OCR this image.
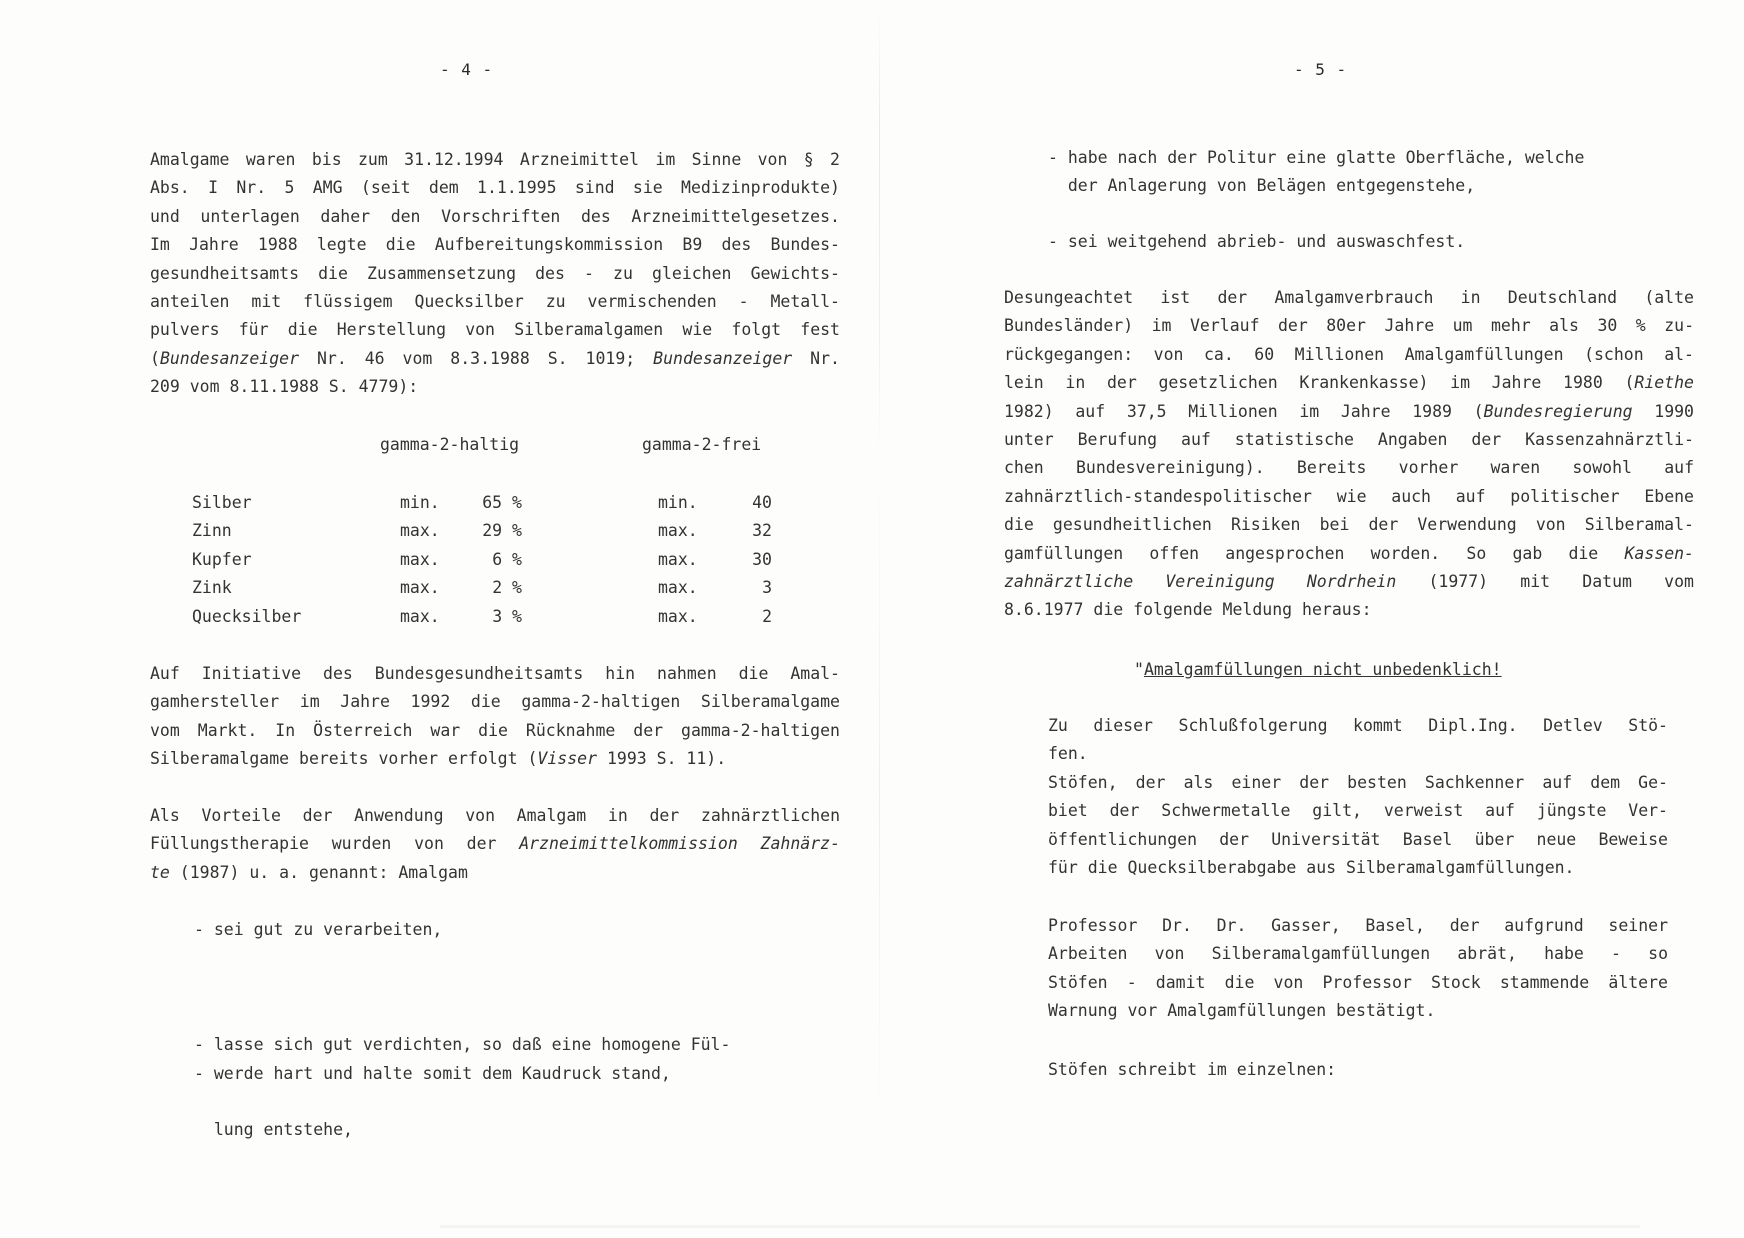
- 4 -
Amalgame waren bis zum 31.12.1994 Arzneimittel im Sinne von § 2
Abs. I Nr. 5 AMG (seit dem 1.1.1995 sind sie Medizinprodukte)
und unterlagen daher den Vorschriften des Arzneimittelgesetzes.
Im Jahre 1988 legte die Aufbereitungskommission B9 des Bundes-
gesundheitsamts die Zusammensetzung des - zu gleichen Gewichts-
anteilen mit flüssigem Quecksilber zu vermischenden - Metall-
pulvers für die Herstellung von Silberamalgamen wie folgt fest
(Bundesanzeiger Nr. 46 vom 8.3.1988 S. 1019; Bundesanzeiger Nr.
209 vom 8.11.1988 S. 4779):
gamma-2-haltig	gamma-2-frei
Silber	min.	65 %	min.	40
Zinn	max.	29 %	max.	32
Kupfer	max.	6 %	max.	30
Zink	max.	2 %	max.	3
Quecksilber	max.	3 %	max.	2
Auf Initiative des Bundesgesundheitsamts hin nahmen die Amal-
gamhersteller im Jahre 1992 die gamma-2-haltigen Silberamalgame
vom Markt. In Österreich war die Rücknahme der gamma-2-haltigen
Silberamalgame bereits vorher erfolgt (Visser 1993 S. 11).
Als Vorteile der Anwendung von Amalgam in der zahnärztlichen
Füllungstherapie wurden von der Arzneimittelkommission Zahnärz-
te (1987) u. a. genannt: Amalgam
- sei gut zu verarbeiten,

- lasse sich gut verdichten, so daß eine homogene Fül-

lung entstehe,

- werde hart und halte somit dem Kaudruck stand,
- 5 -
- habe nach der Politur eine glatte Oberfläche, welche
der Anlagerung von Belägen entgegenstehe,
- sei weitgehend abrieb- und auswaschfest.
Desungeachtet ist der Amalgamverbrauch in Deutschland (alte
Bundesländer) im Verlauf der 80er Jahre um mehr als 30 % zu-
rückgegangen: von ca. 60 Millionen Amalgamfüllungen (schon al-
lein in der gesetzlichen Krankenkasse) im Jahre 1980 (Riethe
1982) auf 37,5 Millionen im Jahre 1989 (Bundesregierung 1990
unter Berufung auf statistische Angaben der Kassenzahnärztli-
chen Bundesvereinigung). Bereits vorher waren sowohl auf
zahnärztlich-standespolitischer wie auch auf politischer Ebene
die gesundheitlichen Risiken bei der Verwendung von Silberamal-
gamfüllungen offen angesprochen worden. So gab die Kassen-
zahnärztliche Vereinigung Nordrhein (1977) mit Datum vom
8.6.1977 die folgende Meldung heraus:
"Amalgamfüllungen nicht unbedenklich!
Zu dieser Schlußfolgerung kommt Dipl.Ing. Detlev Stö-
fen.
Stöfen, der als einer der besten Sachkenner auf dem Ge-
biet der Schwermetalle gilt, verweist auf jüngste Ver-
öffentlichungen der Universität Basel über neue Beweise
für die Quecksilberabgabe aus Silberamalgamfüllungen.
Professor Dr. Dr. Gasser, Basel, der aufgrund seiner
Arbeiten von Silberamalgamfüllungen abrät, habe - so
Stöfen - damit die von Professor Stock stammende ältere
Warnung vor Amalgamfüllungen bestätigt.
Stöfen schreibt im einzelnen:
